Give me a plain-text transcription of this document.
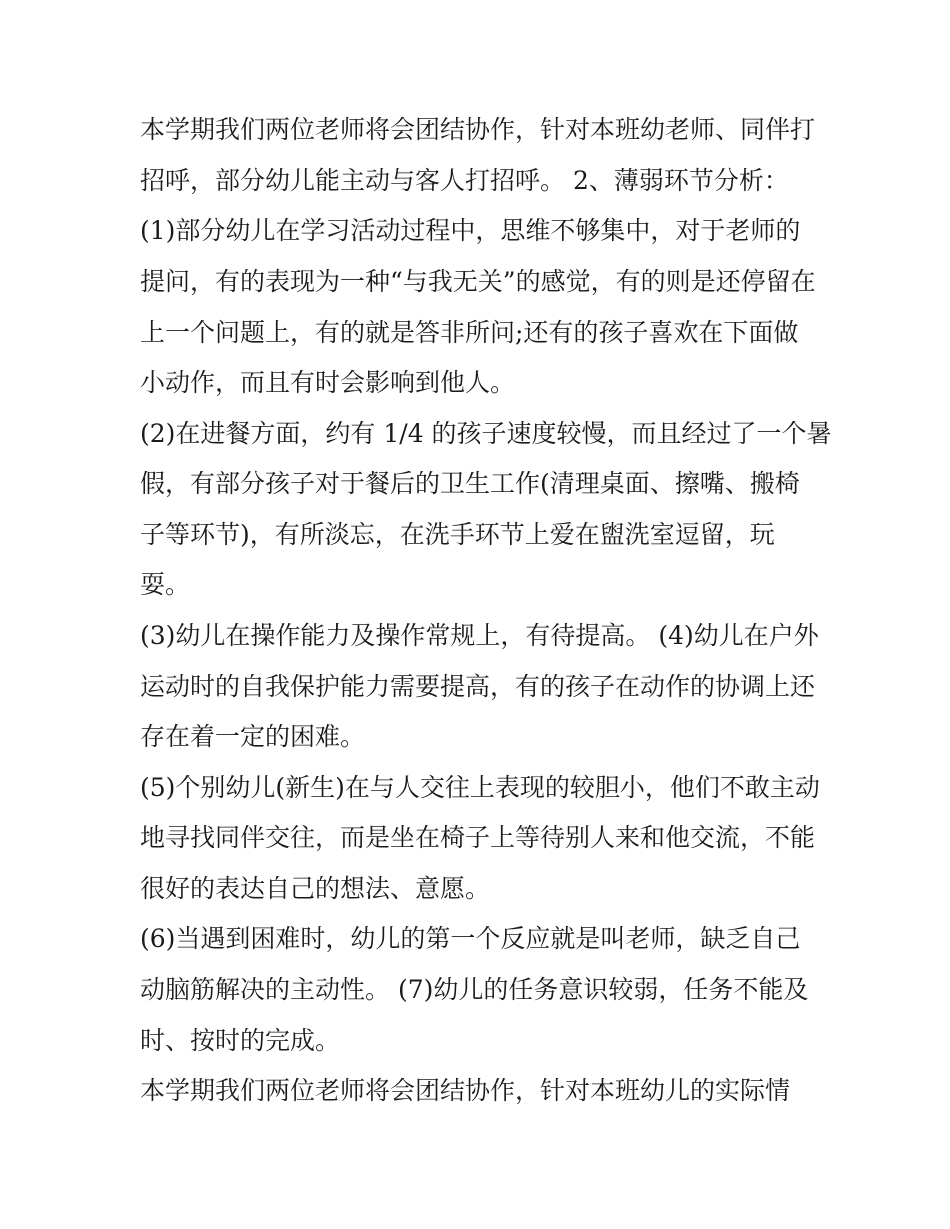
本学期我们两位老师将会团结协作，针对本班幼老师、同伴打

招呼，部分幼儿能主动与客人打招呼。 2、薄弱环节分析：

(1)部分幼儿在学习活动过程中，思维不够集中，对于老师的

提问，有的表现为一种“与我无关”的感觉，有的则是还停留在

上一个问题上，有的就是答非所问;还有的孩子喜欢在下面做

小动作，而且有时会影响到他人。

(2)在进餐方面，约有 1/4 的孩子速度较慢，而且经过了一个暑

假，有部分孩子对于餐后的卫生工作(清理桌面、擦嘴、搬椅

子等环节)，有所淡忘，在洗手环节上爱在盥洗室逗留，玩

耍。

(3)幼儿在操作能力及操作常规上，有待提高。 (4)幼儿在户外

运动时的自我保护能力需要提高，有的孩子在动作的协调上还

存在着一定的困难。

(5)个别幼儿(新生)在与人交往上表现的较胆小，他们不敢主动

地寻找同伴交往，而是坐在椅子上等待别人来和他交流，不能

很好的表达自己的想法、意愿。

(6)当遇到困难时，幼儿的第一个反应就是叫老师，缺乏自己

动脑筋解决的主动性。 (7)幼儿的任务意识较弱，任务不能及

时、按时的完成。

本学期我们两位老师将会团结协作，针对本班幼儿的实际情
